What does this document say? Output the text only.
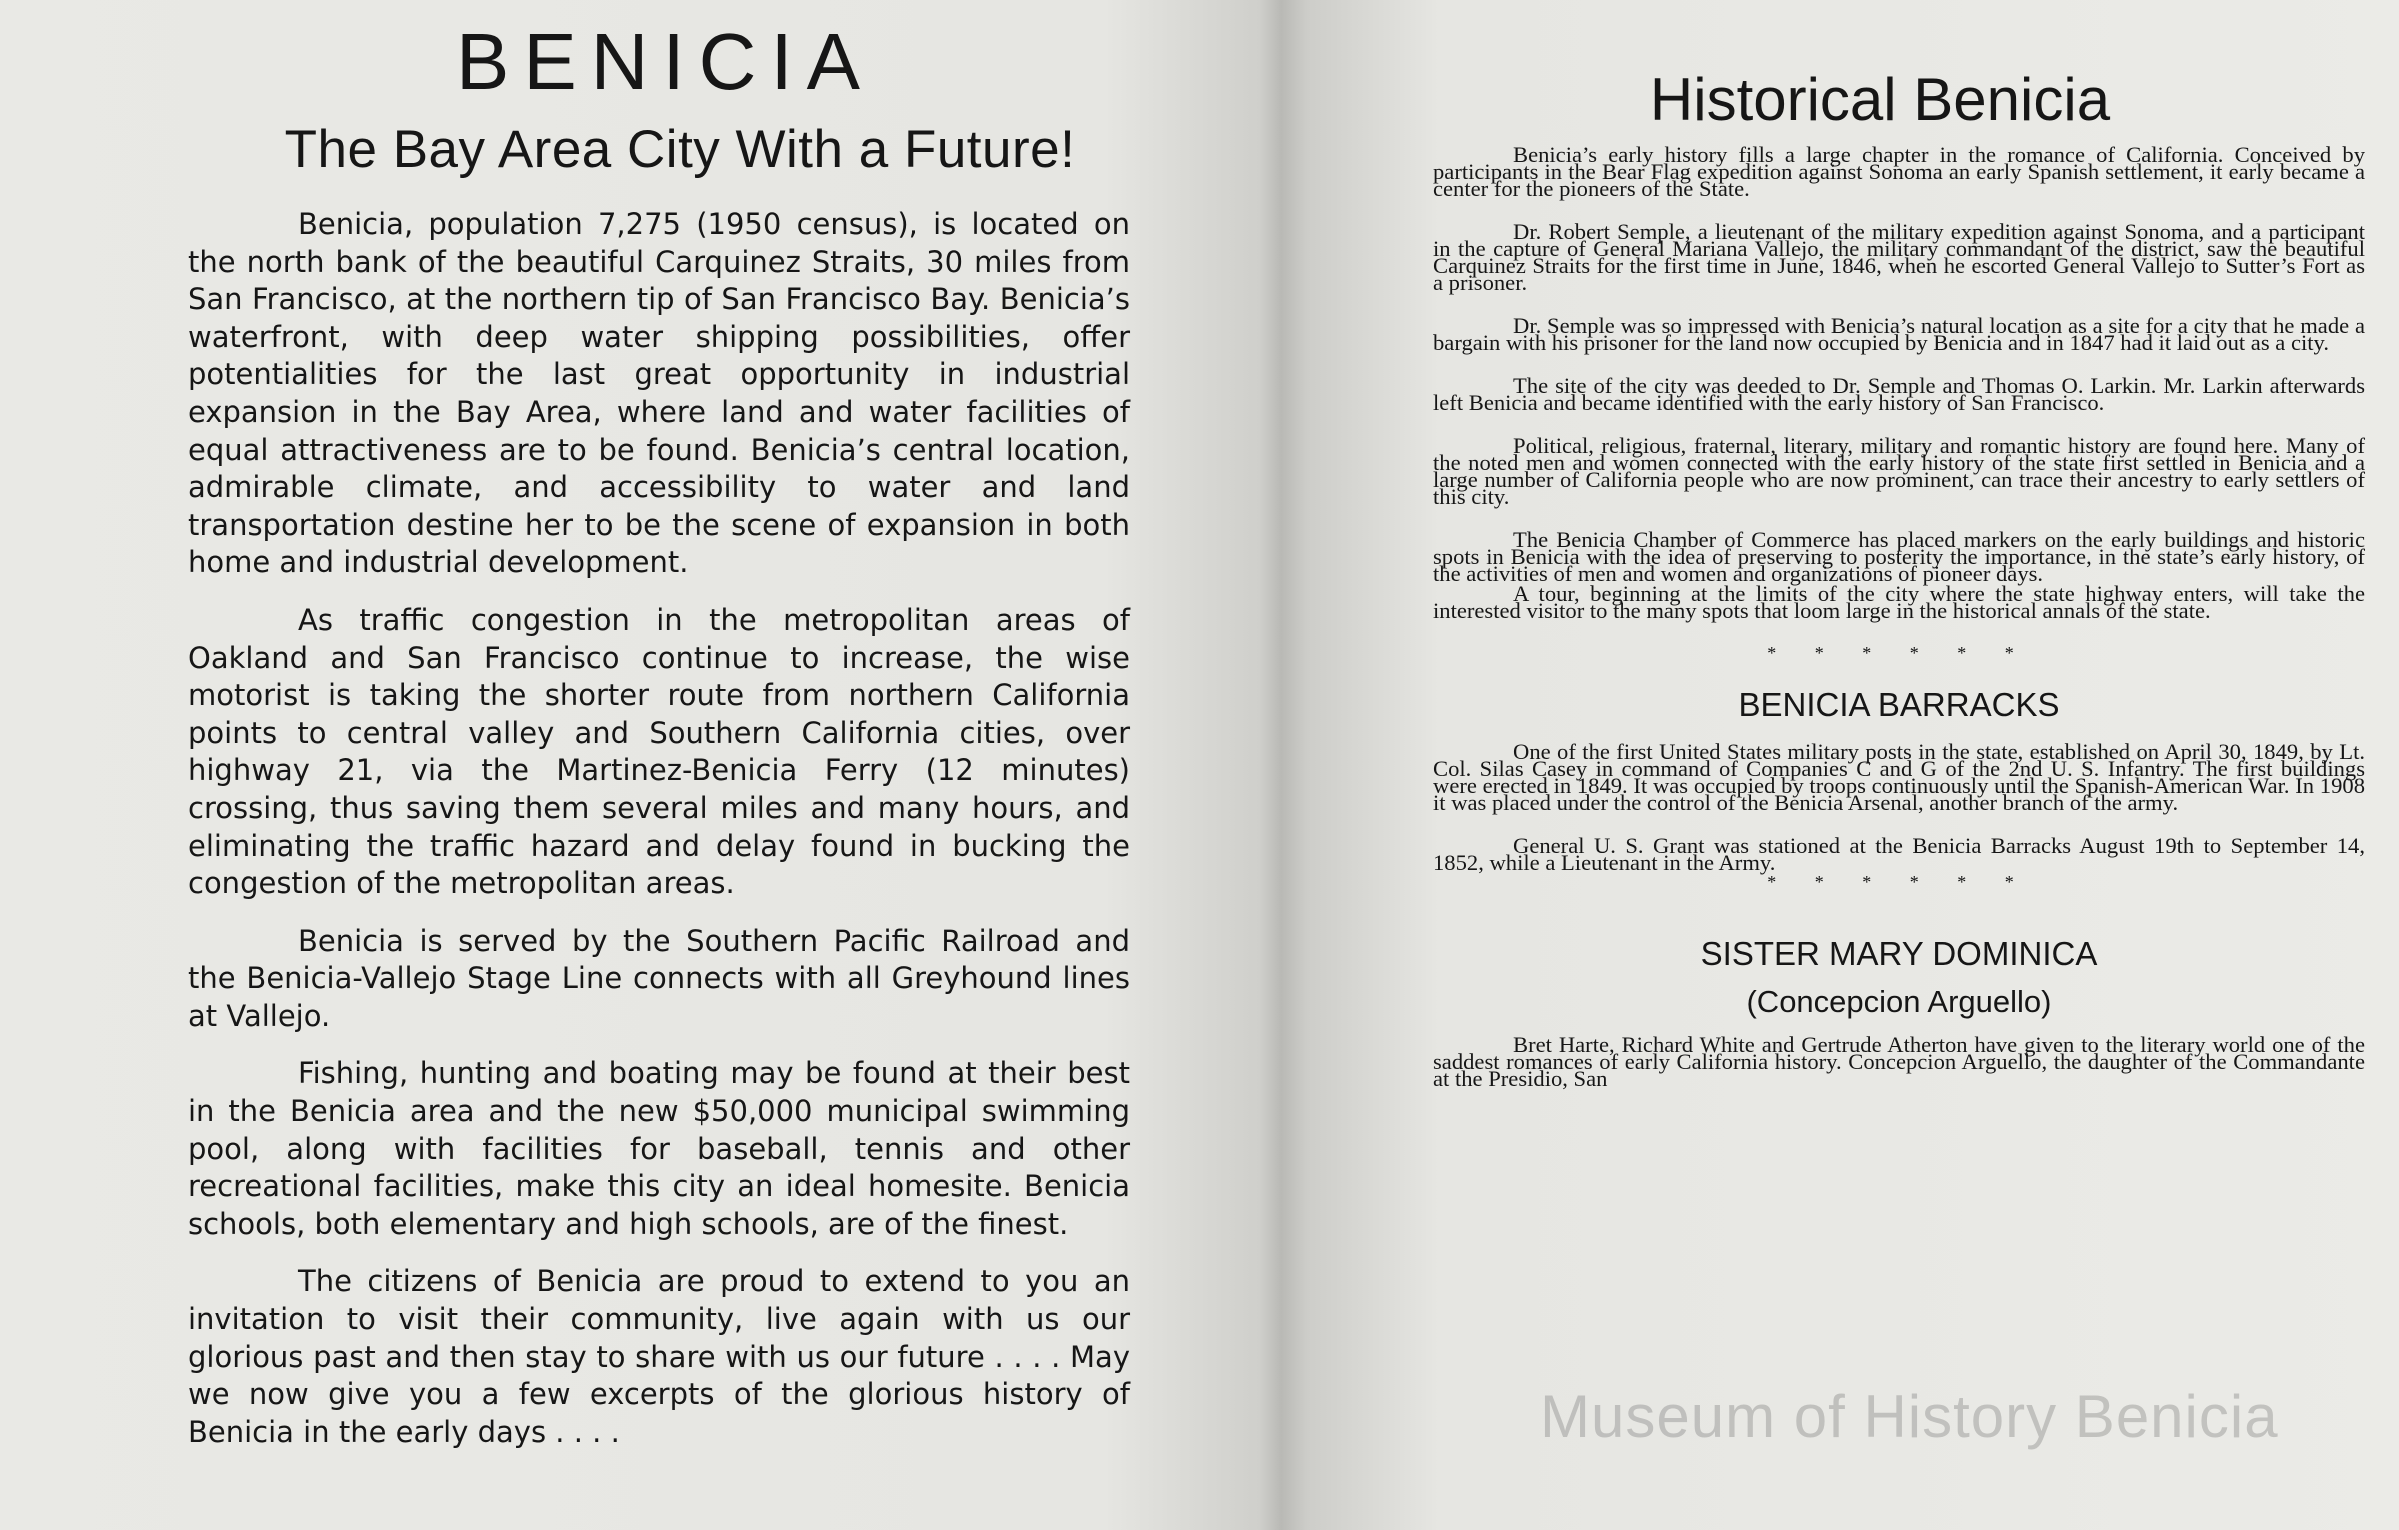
BENICIA
The Bay Area City With a Future!

Benicia, population 7,275 (1950 census), is located on the north bank of the beautiful Carquinez Straits, 30 miles from San Francisco, at the northern tip of San Francisco Bay. Benicia’s waterfront, with deep water shipping possibilities, offer potentialities for the last great opportunity in industrial expansion in the Bay Area, where land and water facilities of equal attractiveness are to be found. Benicia’s central location, admirable climate, and accessibility to water and land transportation destine her to be the scene of expansion in both home and industrial development.

As traffic congestion in the metropolitan areas of Oakland and San Francisco continue to increase, the wise motorist is taking the shorter route from northern California points to central valley and Southern California cities, over highway 21, via the Martinez-Benicia Ferry (12 minutes) crossing, thus saving them several miles and many hours, and eliminating the traffic hazard and delay found in bucking the congestion of the metropolitan areas.

Benicia is served by the Southern Pacific Railroad and the Benicia-Vallejo Stage Line connects with all Greyhound lines at Vallejo.

Fishing, hunting and boating may be found at their best in the Benicia area and the new $50,000 municipal swimming pool, along with facilities for baseball, tennis and other recreational facilities, make this city an ideal homesite. Benicia schools, both elementary and high schools, are of the finest.

The citizens of Benicia are proud to extend to you an invitation to visit their community, live again with us our glorious past and then stay to share with us our future . . . . May we now give you a few excerpts of the glorious history of Benicia in the early days . . . .

Historical Benicia

Benicia’s early history fills a large chapter in the romance of California. Conceived by participants in the Bear Flag expedition against Sonoma an early Spanish settlement, it early became a center for the pioneers of the State.

Dr. Robert Semple, a lieutenant of the military expedition against Sonoma, and a participant in the capture of General Mariana Vallejo, the military commandant of the district, saw the beautiful Carquinez Straits for the first time in June, 1846, when he escorted General Vallejo to Sutter’s Fort as a prisoner.

Dr. Semple was so impressed with Benicia’s natural location as a site for a city that he made a bargain with his prisoner for the land now occupied by Benicia and in 1847 had it laid out as a city.

The site of the city was deeded to Dr. Semple and Thomas O. Larkin. Mr. Larkin afterwards left Benicia and became identified with the early history of San Francisco.

Political, religious, fraternal, literary, military and romantic history are found here. Many of the noted men and women connected with the early history of the state first settled in Benicia and a large number of California people who are now prominent, can trace their ancestry to early settlers of this city.

The Benicia Chamber of Commerce has placed markers on the early buildings and historic spots in Benicia with the idea of preserving to posterity the importance, in the state’s early history, of the activities of men and women and organizations of pioneer days.

A tour, beginning at the limits of the city where the state highway enters, will take the interested visitor to the many spots that loom large in the historical annals of the state.

* * * * * *
BENICIA BARRACKS

One of the first United States military posts in the state, established on April 30, 1849, by Lt. Col. Silas Casey in command of Companies C and G of the 2nd U. S. Infantry. The first buildings were erected in 1849. It was occupied by troops continuously until the Spanish-American War. In 1908 it was placed under the control of the Benicia Arsenal, another branch of the army.

General U. S. Grant was stationed at the Benicia Barracks August 19th to September 14, 1852, while a Lieutenant in the Army.

* * * * * *
SISTER MARY DOMINICA
(Concepcion Arguello)

Bret Harte, Richard White and Gertrude Atherton have given to the literary world one of the saddest romances of early California history. Concepcion Arguello, the daughter of the Commandante at the Presidio, San

Museum of History Benicia
